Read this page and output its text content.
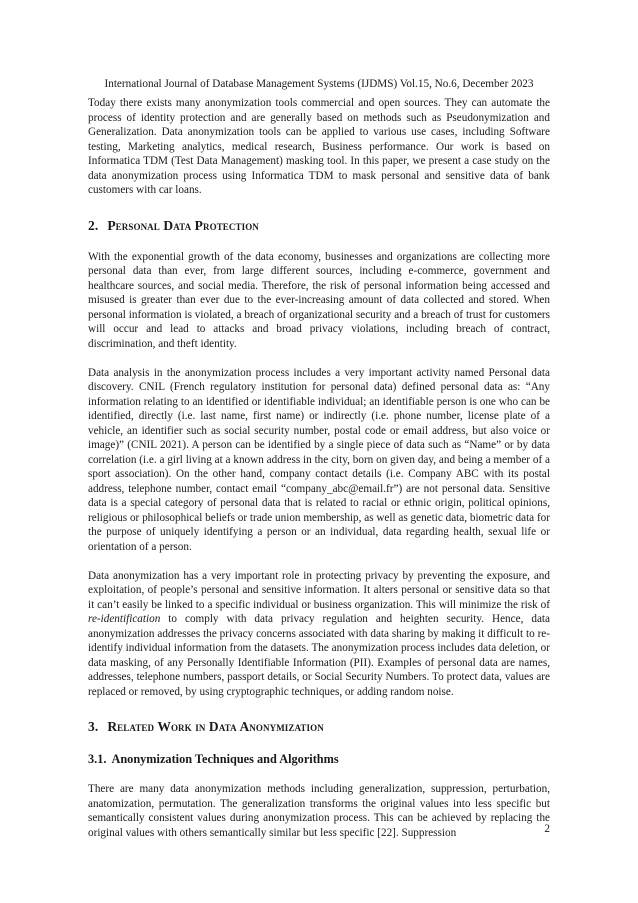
International Journal of Database Management Systems (IJDMS) Vol.15, No.6, December 2023

Today there exists many anonymization tools commercial and open sources. They can automate the process of identity protection and are generally based on methods such as Pseudonymization and Generalization. Data anonymization tools can be applied to various use cases, including Software testing, Marketing analytics, medical research, Business performance. Our work is based on Informatica TDM (Test Data Management) masking tool. In this paper, we present a case study on the data anonymization process using Informatica TDM to mask personal and sensitive data of bank customers with car loans.

2. Personal Data Protection

With the exponential growth of the data economy, businesses and organizations are collecting more personal data than ever, from large different sources, including e-commerce, government and healthcare sources, and social media. Therefore, the risk of personal information being accessed and misused is greater than ever due to the ever-increasing amount of data collected and stored. When personal information is violated, a breach of organizational security and a breach of trust for customers will occur and lead to attacks and broad privacy violations, including breach of contract, discrimination, and theft identity.

Data analysis in the anonymization process includes a very important activity named Personal data discovery. CNIL (French regulatory institution for personal data) defined personal data as: “Any information relating to an identified or identifiable individual; an identifiable person is one who can be identified, directly (i.e. last name, first name) or indirectly (i.e. phone number, license plate of a vehicle, an identifier such as social security number, postal code or email address, but also voice or image)” (CNIL 2021). A person can be identified by a single piece of data such as “Name” or by data correlation (i.e. a girl living at a known address in the city, born on given day, and being a member of a sport association). On the other hand, company contact details (i.e. Company ABC with its postal address, telephone number, contact email “company_abc@email.fr”) are not personal data. Sensitive data is a special category of personal data that is related to racial or ethnic origin, political opinions, religious or philosophical beliefs or trade union membership, as well as genetic data, biometric data for the purpose of uniquely identifying a person or an individual, data regarding health, sexual life or orientation of a person.

Data anonymization has a very important role in protecting privacy by preventing the exposure, and exploitation, of people’s personal and sensitive information. It alters personal or sensitive data so that it can’t easily be linked to a specific individual or business organization. This will minimize the risk of re-identification to comply with data privacy regulation and heighten security. Hence, data anonymization addresses the privacy concerns associated with data sharing by making it difficult to re-identify individual information from the datasets. The anonymization process includes data deletion, or data masking, of any Personally Identifiable Information (PII). Examples of personal data are names, addresses, telephone numbers, passport details, or Social Security Numbers. To protect data, values are replaced or removed, by using cryptographic techniques, or adding random noise.

3. Related Work in Data Anonymization
3.1. Anonymization Techniques and Algorithms

There are many data anonymization methods including generalization, suppression, perturbation, anatomization, permutation. The generalization transforms the original values into less specific but semantically consistent values during anonymization process. This can be achieved by replacing the original values with others semantically similar but less specific [22]. Suppression	2
